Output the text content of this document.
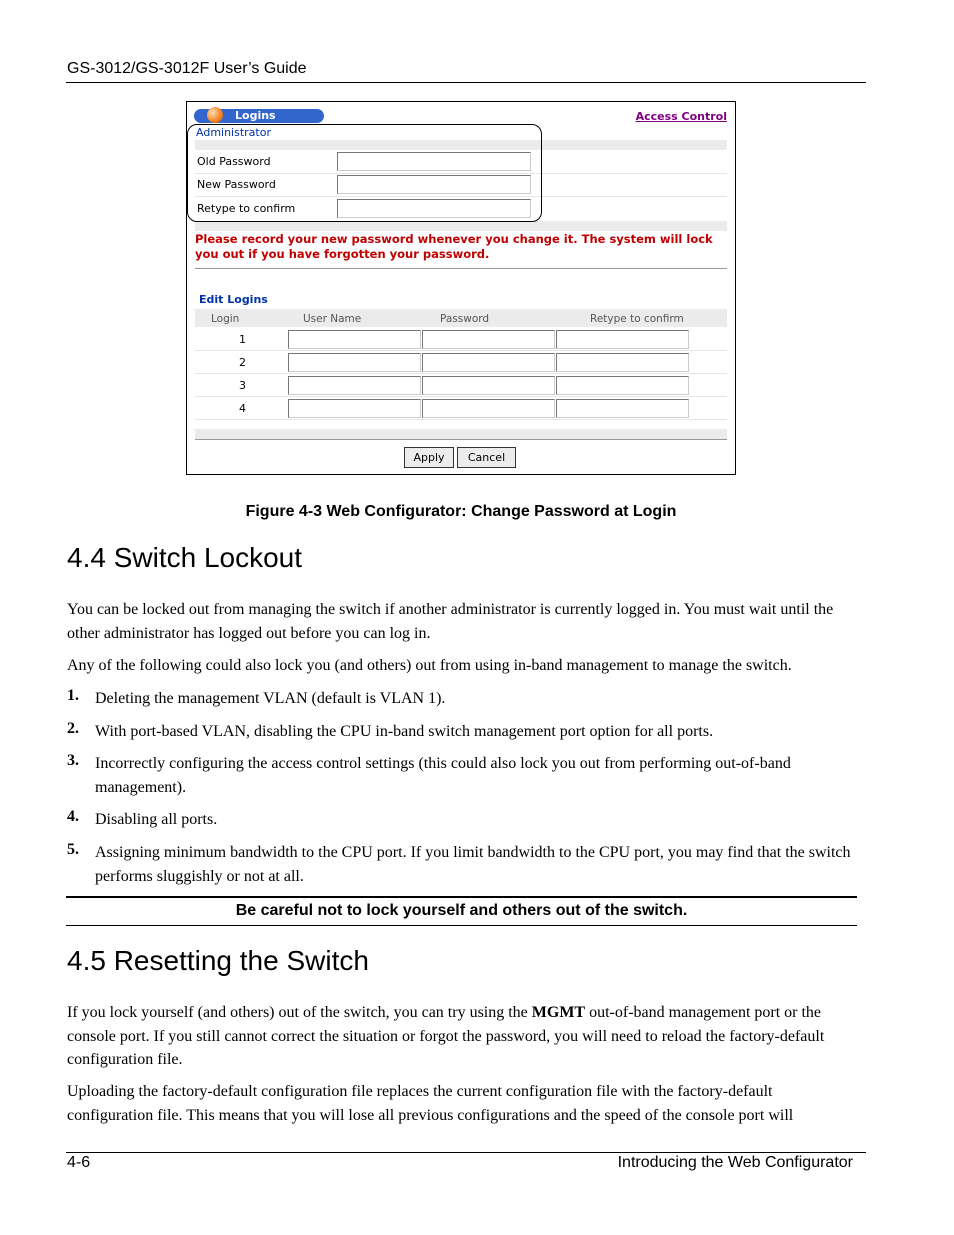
GS-3012/GS-3012F User’s Guide
Logins	Access Control
Administrator
Old Password
New Password
Retype to confirm
Please record your new password whenever you change it. The system will lock you out if you have forgotten your password.
Edit Logins
Login	User Name	Password	Retype to confirm
1
2
3
4
Apply	Cancel
Figure 4-3 Web Configurator: Change Password at Login
4.4 Switch Lockout
You can be locked out from managing the switch if another administrator is currently logged in. You must wait until the other administrator has logged out before you can log in.
Any of the following could also lock you (and others) out from using in-band management to manage the switch.
1. Deleting the management VLAN (default is VLAN 1).
2. With port-based VLAN, disabling the CPU in-band switch management port option for all ports.
3. Incorrectly configuring the access control settings (this could also lock you out from performing out-of-band management).
4. Disabling all ports.
5. Assigning minimum bandwidth to the CPU port. If you limit bandwidth to the CPU port, you may find that the switch performs sluggishly or not at all.
Be careful not to lock yourself and others out of the switch.
4.5 Resetting the Switch
If you lock yourself (and others) out of the switch, you can try using the MGMT out-of-band management port or the console port. If you still cannot correct the situation or forgot the password, you will need to reload the factory-default configuration file.
Uploading the factory-default configuration file replaces the current configuration file with the factory-default configuration file. This means that you will lose all previous configurations and the speed of the console port will
4-6	Introducing the Web Configurator
